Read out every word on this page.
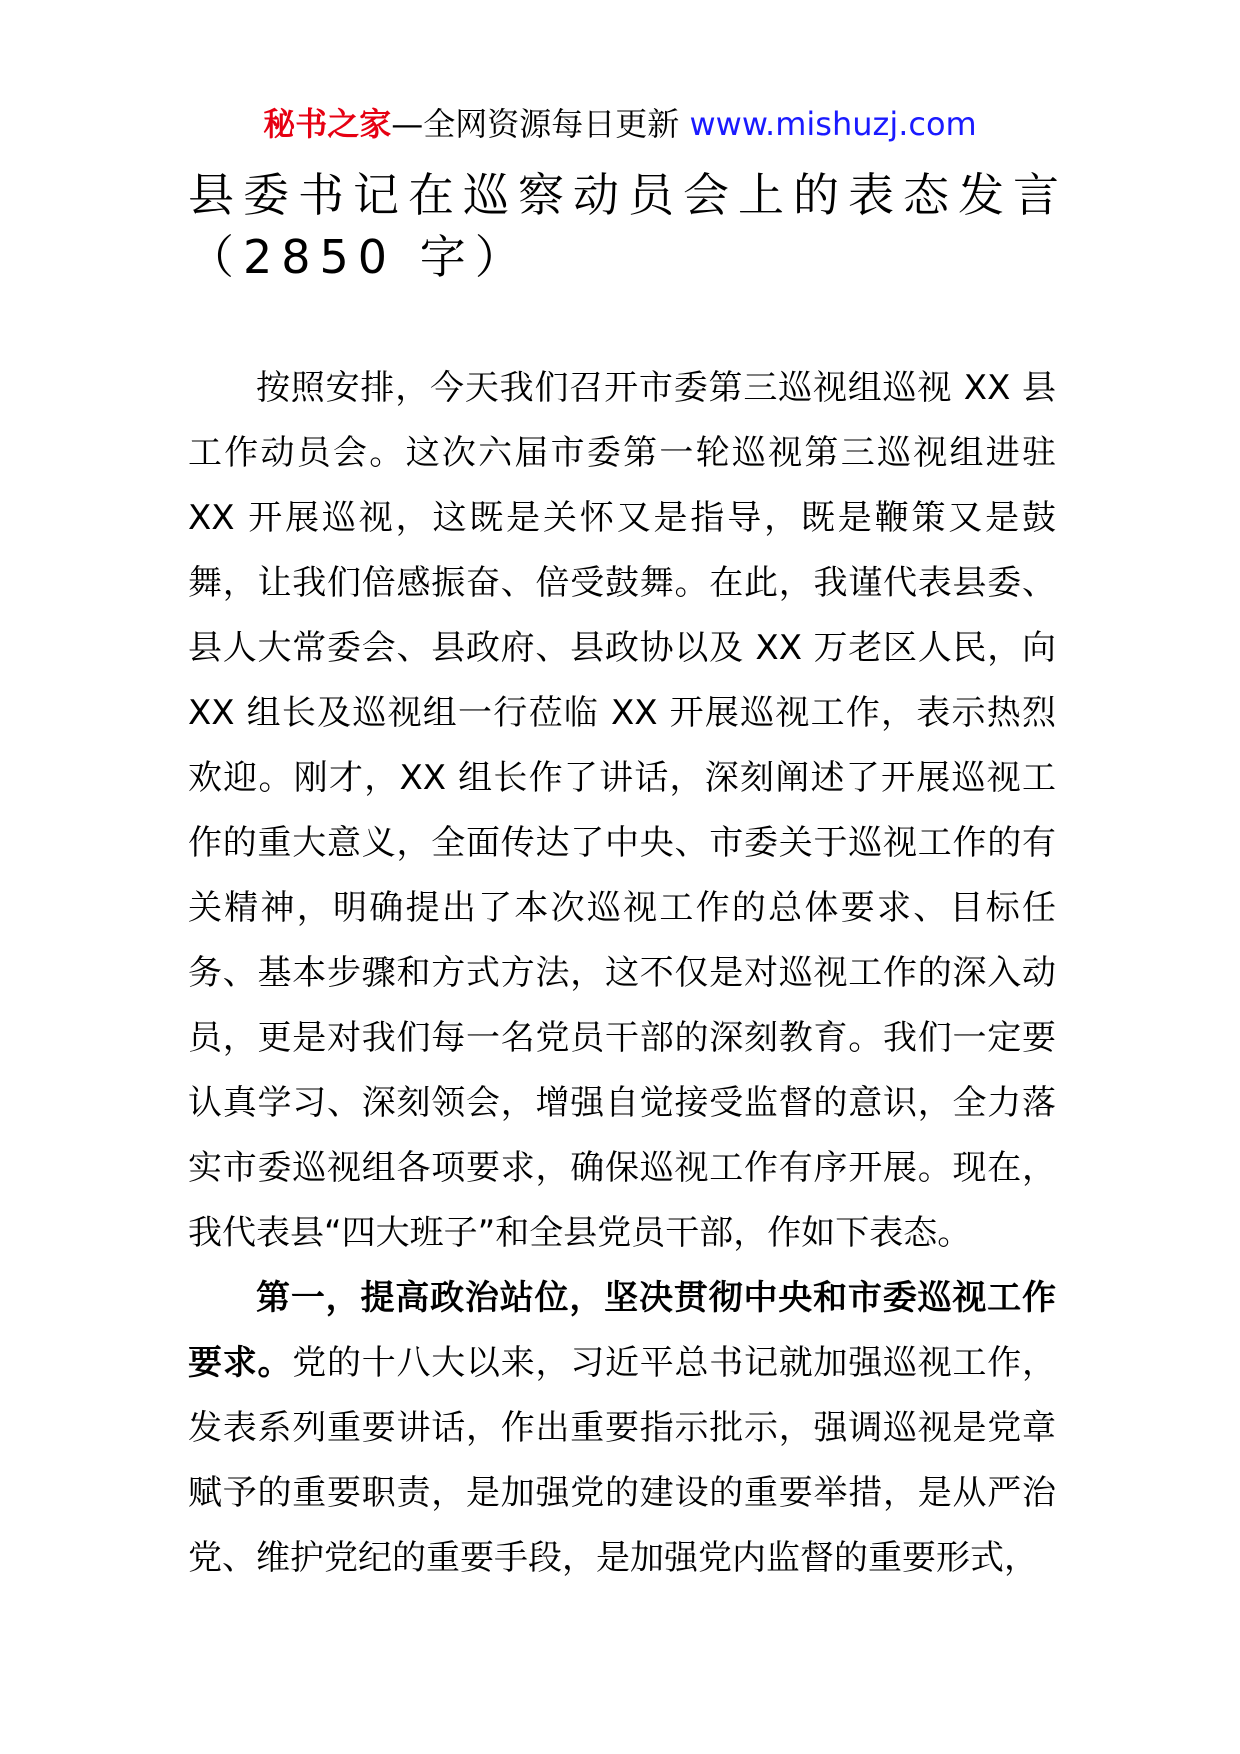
秘书之家—全网资源每日更新 www.mishuzj.com
县委书记在巡察动员会上的表态发言
（2850 字）

按照安排，今天我们召开市委第三巡视组巡视 XX 县工作动员会。这次六届市委第一轮巡视第三巡视组进驻 XX 开展巡视，这既是关怀又是指导，既是鞭策又是鼓舞，让我们倍感振奋、倍受鼓舞。在此，我谨代表县委、县人大常委会、县政府、县政协以及 XX 万老区人民，向 XX 组长及巡视组一行莅临 XX 开展巡视工作，表示热烈欢迎。刚才，XX 组长作了讲话，深刻阐述了开展巡视工作的重大意义，全面传达了中央、市委关于巡视工作的有关精神，明确提出了本次巡视工作的总体要求、目标任务、基本步骤和方式方法，这不仅是对巡视工作的深入动员，更是对我们每一名党员干部的深刻教育。我们一定要认真学习、深刻领会，增强自觉接受监督的意识，全力落实市委巡视组各项要求，确保巡视工作有序开展。现在，我代表县“四大班子”和全县党员干部，作如下表态。

第一，提高政治站位，坚决贯彻中央和市委巡视工作要求。党的十八大以来，习近平总书记就加强巡视工作，发表系列重要讲话，作出重要指示批示，强调巡视是党章赋予的重要职责，是加强党的建设的重要举措，是从严治党、维护党纪的重要手段，是加强党内监督的重要形式，
